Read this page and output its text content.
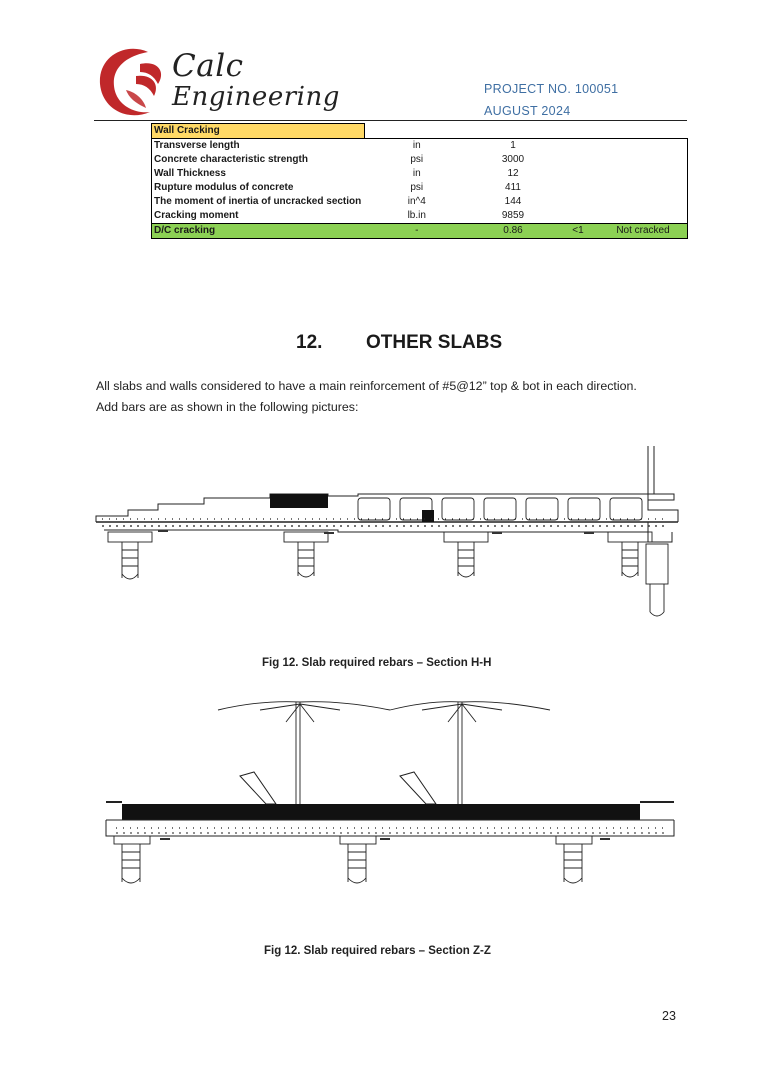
Calc
Engineering	PROJECT NO. 100051
AUGUST 2024
Wall Cracking				
Transverse length	in	1		
Concrete characteristic strength	psi	3000		
Wall Thickness	in	12		
Rupture modulus of concrete	psi	411		
The moment of inertia of uncracked section	in^4	144		
Cracking moment	lb.in	9859		
D/C cracking	-	0.86	<1	Not cracked
12. OTHER SLABS
All slabs and walls considered to have a main reinforcement of #5@12” top & bot in each direction.
Add bars are as shown in the following pictures:
Fig 12. Slab required rebars – Section H-H
Fig 12. Slab required rebars – Section Z-Z
23
